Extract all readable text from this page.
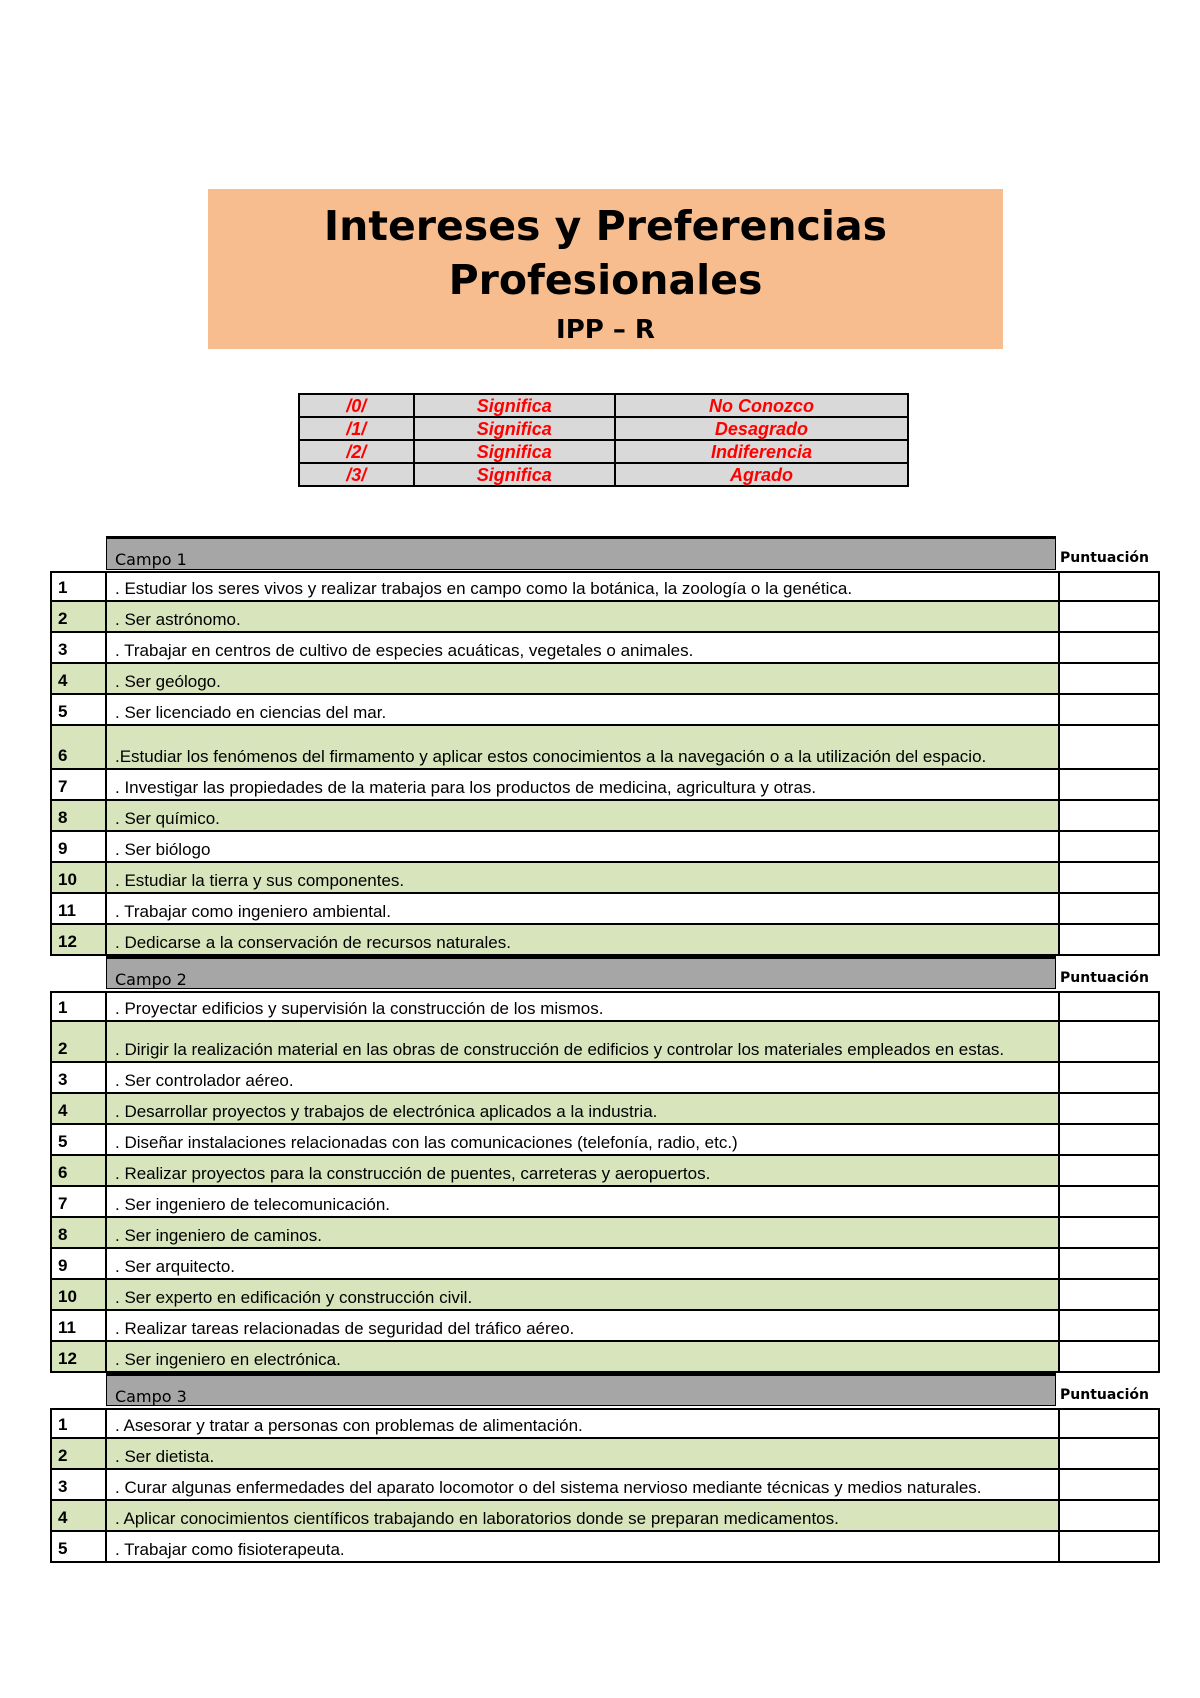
Intereses y Preferencias
Profesionales
IPP – R
/0/	Significa	No Conozco
/1/	Significa	Desagrado
/2/	Significa	Indiferencia
/3/	Significa	Agrado
Campo 1	Puntuación
1	. Estudiar los seres vivos y realizar trabajos en campo como la botánica, la zoología o la genética.
2	. Ser astrónomo.
3	. Trabajar en centros de cultivo de especies acuáticas, vegetales o animales.
4	. Ser geólogo.
5	. Ser licenciado en ciencias del mar.
6	.Estudiar los fenómenos del firmamento y aplicar estos conocimientos a la navegación o a la utilización del espacio.
7	. Investigar las propiedades de la materia para los productos de medicina, agricultura y otras.
8	. Ser químico.
9	. Ser biólogo
10	. Estudiar la tierra y sus componentes.
11	. Trabajar como ingeniero ambiental.
12	. Dedicarse a la conservación de recursos naturales.
Campo 2	Puntuación
1	. Proyectar edificios y supervisión la construcción de los mismos.
2	. Dirigir la realización material en las obras de construcción de edificios y controlar los materiales empleados en estas.
3	. Ser controlador aéreo.
4	. Desarrollar proyectos y trabajos de electrónica aplicados a la industria.
5	. Diseñar instalaciones relacionadas con las comunicaciones (telefonía, radio, etc.)
6	. Realizar proyectos para la construcción de puentes, carreteras y aeropuertos.
7	. Ser ingeniero de telecomunicación.
8	. Ser ingeniero de caminos.
9	. Ser arquitecto.
10	. Ser experto en edificación y construcción civil.
11	. Realizar tareas relacionadas de seguridad del tráfico aéreo.
12	. Ser ingeniero en electrónica.
Campo 3	Puntuación
1	. Asesorar y tratar a personas con problemas de alimentación.
2	. Ser dietista.
3	. Curar algunas enfermedades del aparato locomotor o del sistema nervioso mediante técnicas y medios naturales.
4	. Aplicar conocimientos científicos trabajando en laboratorios donde se preparan medicamentos.
5	. Trabajar como fisioterapeuta.
